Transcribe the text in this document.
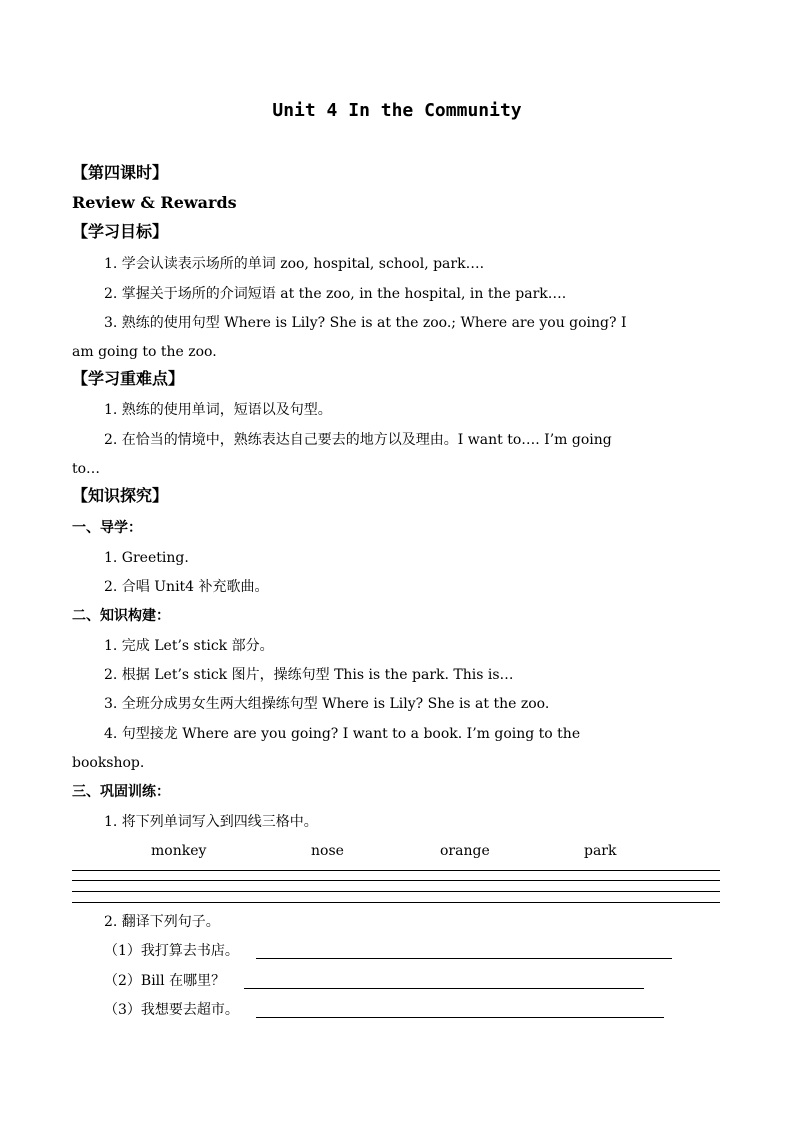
Unit 4 In the Community
【第四课时】
Review & Rewards
【学习目标】
1. 学会认读表示场所的单词 zoo, hospital, school, park….
2. 掌握关于场所的介词短语 at the zoo, in the hospital, in the park….
3. 熟练的使用句型 Where is Lily? She is at the zoo.; Where are you going? I
am going to the zoo.
【学习重难点】
1. 熟练的使用单词，短语以及句型。
2. 在恰当的情境中，熟练表达自己要去的地方以及理由。I want to…. I’m going
to…
【知识探究】
一、导学：
1. Greeting.
2. 合唱 Unit4 补充歌曲。
二、知识构建：
1. 完成 Let’s stick 部分。
2. 根据 Let’s stick 图片，操练句型 This is the park. This is…
3. 全班分成男女生两大组操练句型 Where is Lily? She is at the zoo.
4. 句型接龙 Where are you going? I want to a book. I’m going to the
bookshop.
三、巩固训练：
1. 将下列单词写入到四线三格中。
monkey	nose	orange	park
2. 翻译下列句子。
（1）我打算去书店。
（2）Bill 在哪里？
（3）我想要去超市。
